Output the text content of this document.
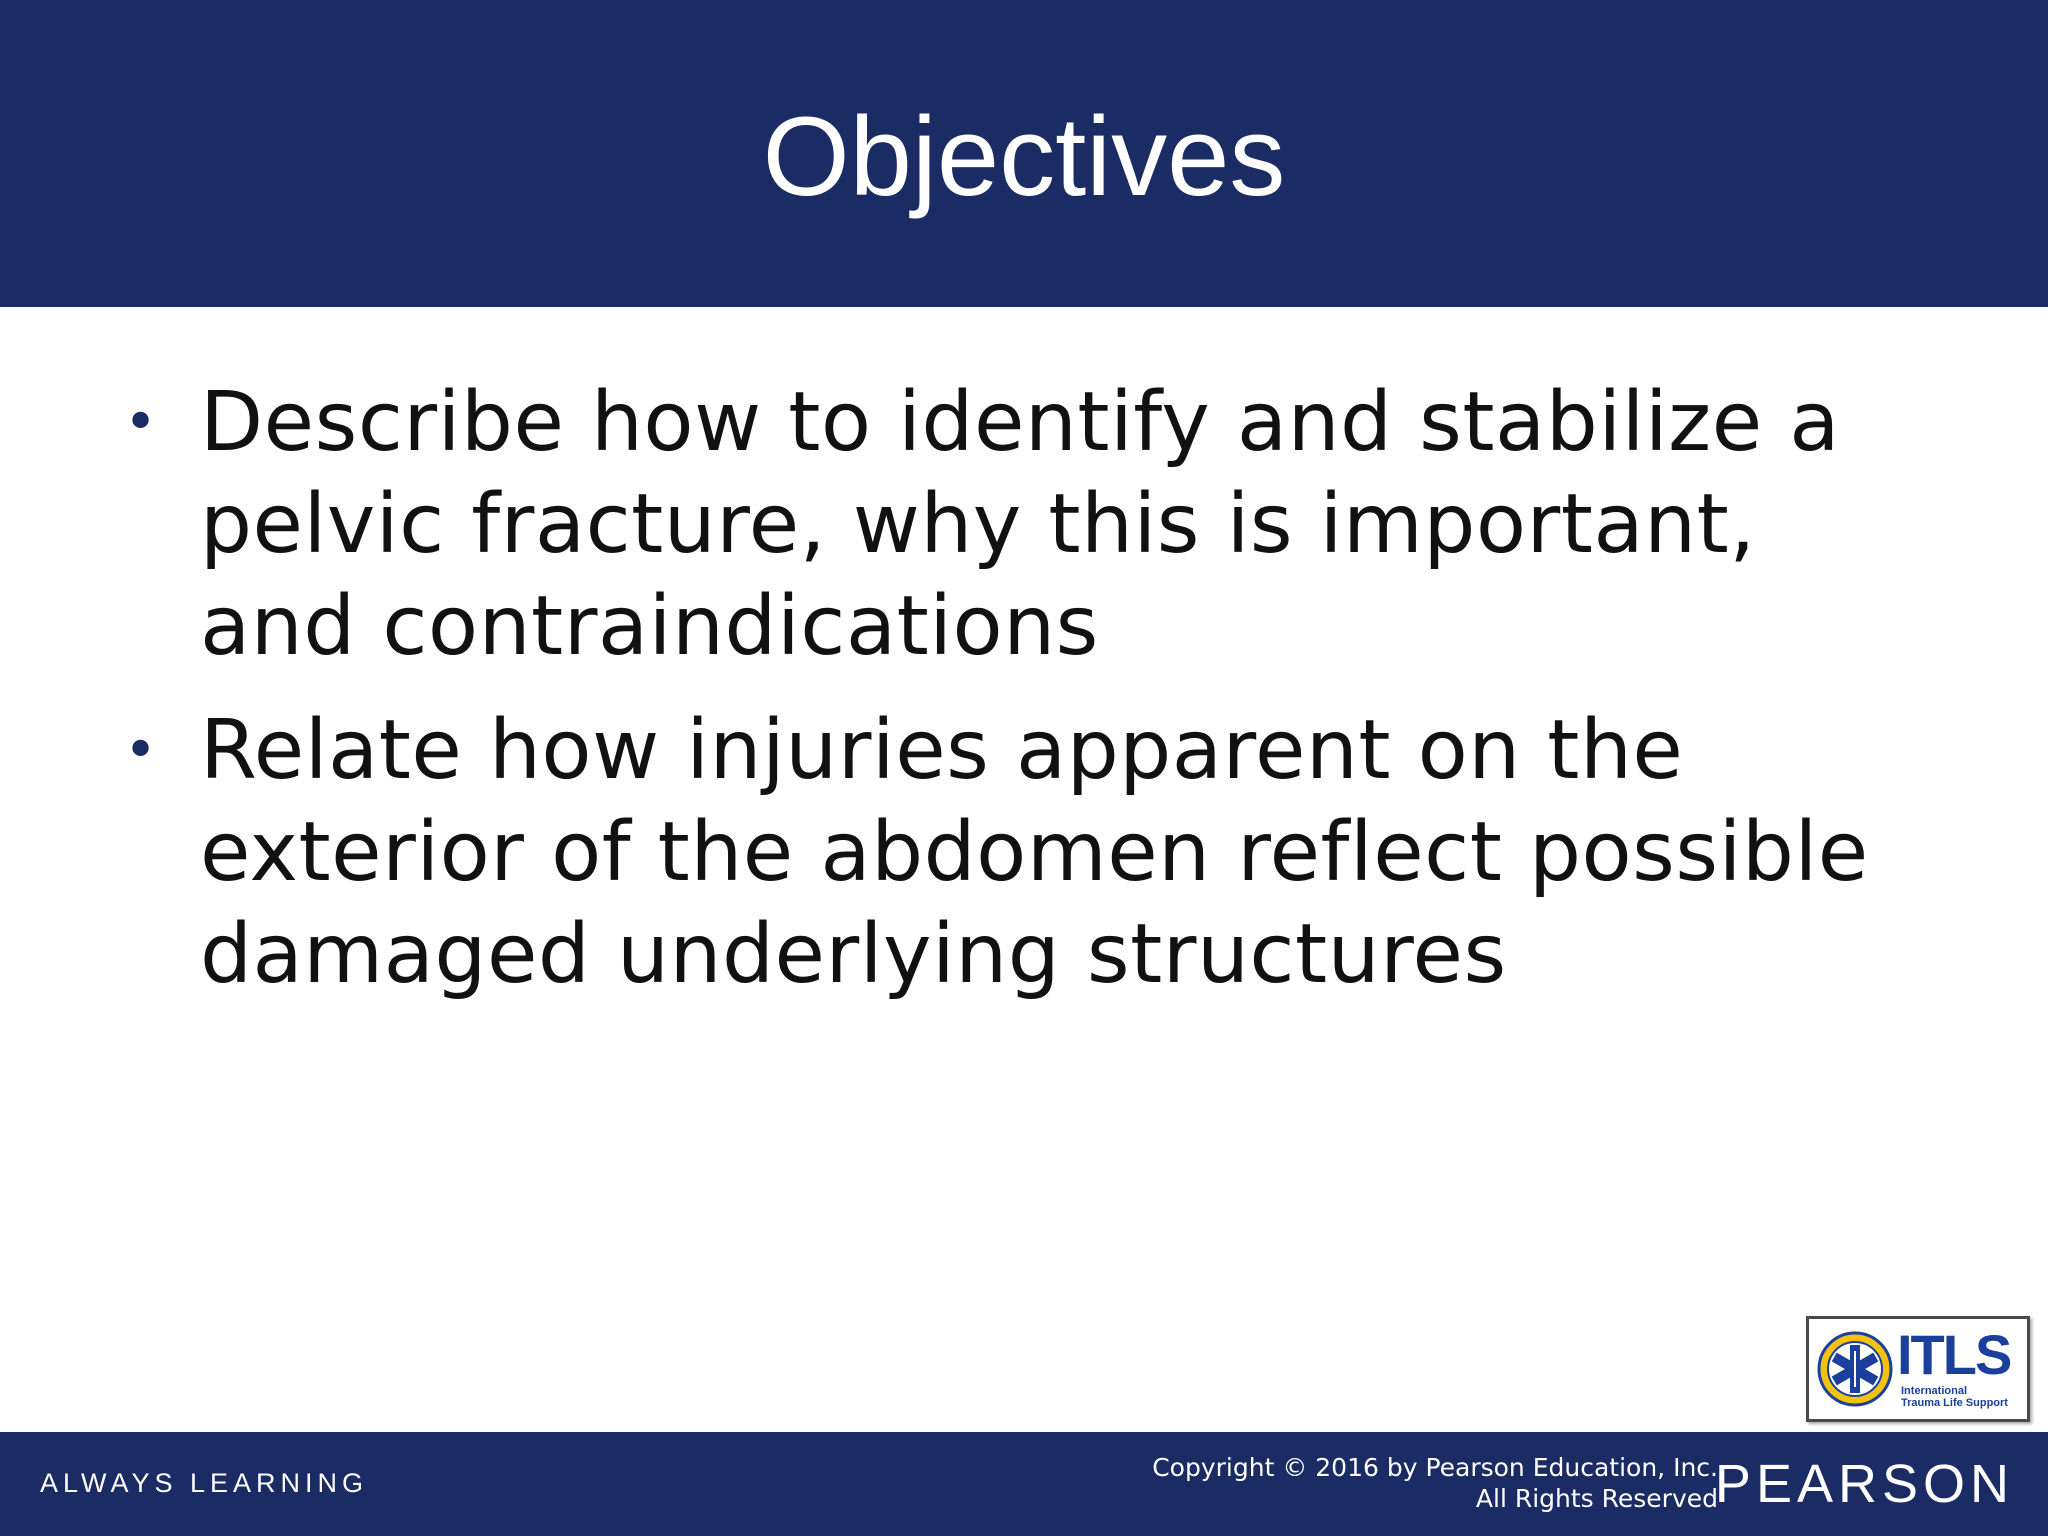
Objectives
• Describe how to identify and stabilize a
pelvic fracture, why this is important,
and contraindications
• Relate how injuries apparent on the
exterior of the abdomen reflect possible
damaged underlying structures
ITLS
International
Trauma Life Support
ALWAYS LEARNING
Copyright © 2016 by Pearson Education, Inc.
All Rights Reserved
PEARSON
